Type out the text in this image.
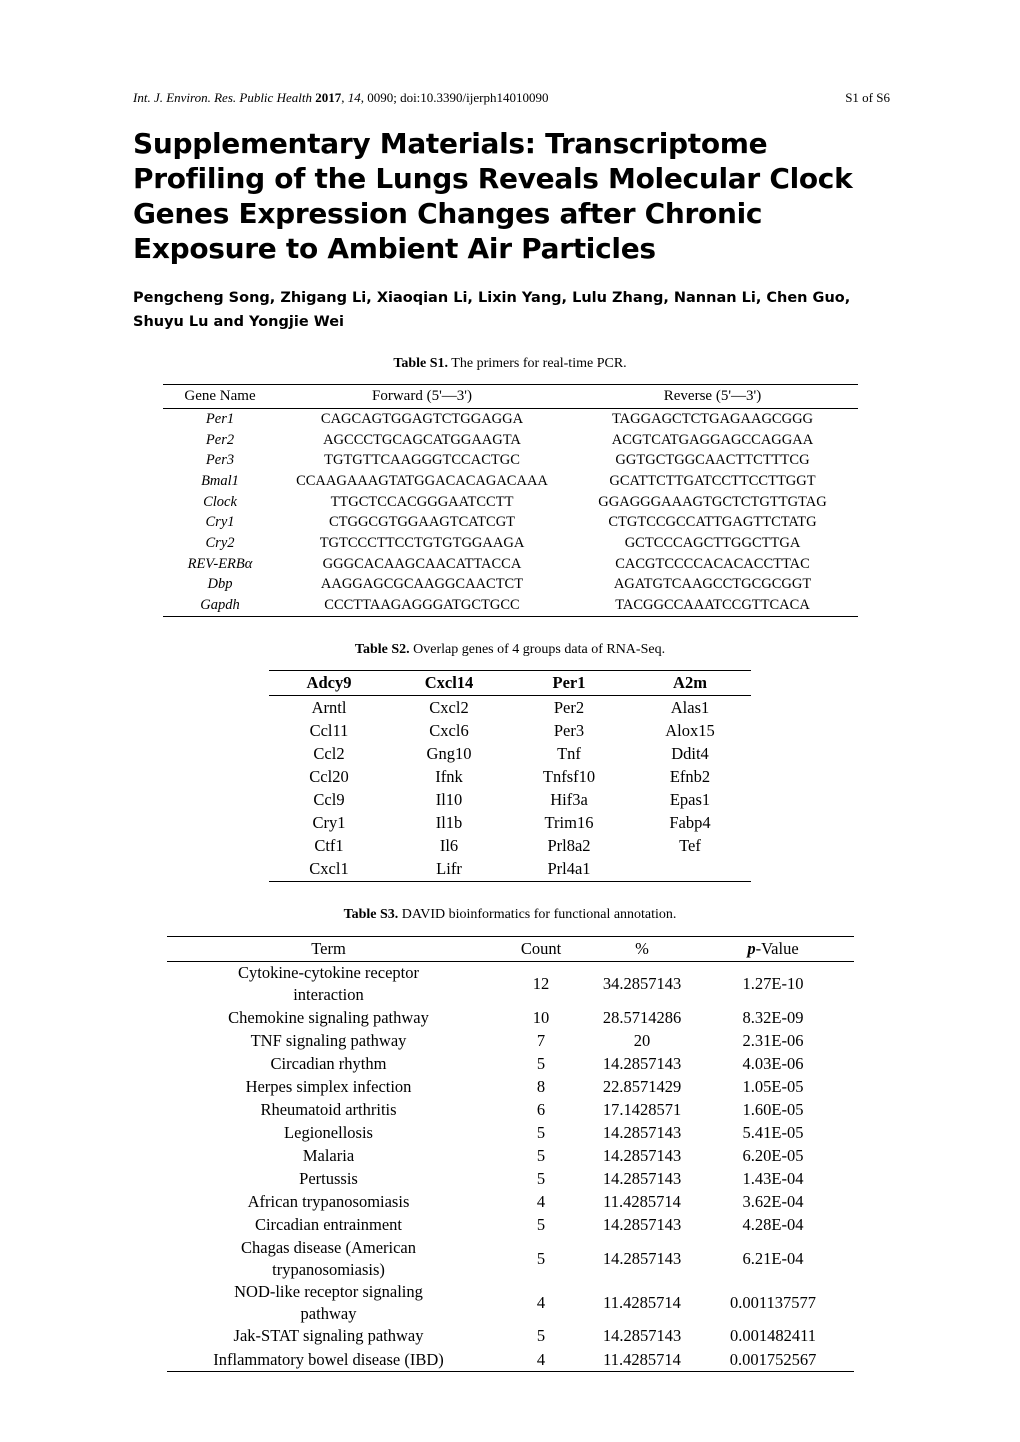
Int. J. Environ. Res. Public Health 2017, 14, 0090; doi:10.3390/ijerph14010090	S1 of S6
Supplementary Materials: Transcriptome Profiling of the Lungs Reveals Molecular Clock Genes Expression Changes after Chronic Exposure to Ambient Air Particles
Pengcheng Song, Zhigang Li, Xiaoqian Li, Lixin Yang, Lulu Zhang, Nannan Li, Chen Guo, Shuyu Lu and Yongjie Wei
Table S1. The primers for real-time PCR.
Gene Name	Forward (5'—3')	Reverse (5'—3')
Per1	CAGCAGTGGAGTCTGGAGGA	TAGGAGCTCTGAGAAGCGGG
Per2	AGCCCTGCAGCATGGAAGTA	ACGTCATGAGGAGCCAGGAA
Per3	TGTGTTCAAGGGTCCACTGC	GGTGCTGGCAACTTCTTTCG
Bmal1	CCAAGAAAGTATGGACACAGACAAA	GCATTCTTGATCCTTCCTTGGT
Clock	TTGCTCCACGGGAATCCTT	GGAGGGAAAGTGCTCTGTTGTAG
Cry1	CTGGCGTGGAAGTCATCGT	CTGTCCGCCATTGAGTTCTATG
Cry2	TGTCCCTTCCTGTGTGGAAGA	GCTCCCAGCTTGGCTTGA
REV-ERBα	GGGCACAAGCAACATTACCA	CACGTCCCCACACACCTTAC
Dbp	AAGGAGCGCAAGGCAACTCT	AGATGTCAAGCCTGCGCGGT
Gapdh	CCCTTAAGAGGGATGCTGCC	TACGGCCAAATCCGTTCACA
Table S2. Overlap genes of 4 groups data of RNA-Seq.
Adcy9	Cxcl14	Per1	A2m
Arntl	Cxcl2	Per2	Alas1
Ccl11	Cxcl6	Per3	Alox15
Ccl2	Gng10	Tnf	Ddit4
Ccl20	Ifnk	Tnfsf10	Efnb2
Ccl9	Il10	Hif3a	Epas1
Cry1	Il1b	Trim16	Fabp4
Ctf1	Il6	Prl8a2	Tef
Cxcl1	Lifr	Prl4a1	
Table S3. DAVID bioinformatics for functional annotation.
Term	Count	%	p-Value
Cytokine-cytokine receptor interaction	12	34.2857143	1.27E-10
Chemokine signaling pathway	10	28.5714286	8.32E-09
TNF signaling pathway	7	20	2.31E-06
Circadian rhythm	5	14.2857143	4.03E-06
Herpes simplex infection	8	22.8571429	1.05E-05
Rheumatoid arthritis	6	17.1428571	1.60E-05
Legionellosis	5	14.2857143	5.41E-05
Malaria	5	14.2857143	6.20E-05
Pertussis	5	14.2857143	1.43E-04
African trypanosomiasis	4	11.4285714	3.62E-04
Circadian entrainment	5	14.2857143	4.28E-04
Chagas disease (American trypanosomiasis)	5	14.2857143	6.21E-04
NOD-like receptor signaling pathway	4	11.4285714	0.001137577
Jak-STAT signaling pathway	5	14.2857143	0.001482411
Inflammatory bowel disease (IBD)	4	11.4285714	0.001752567
